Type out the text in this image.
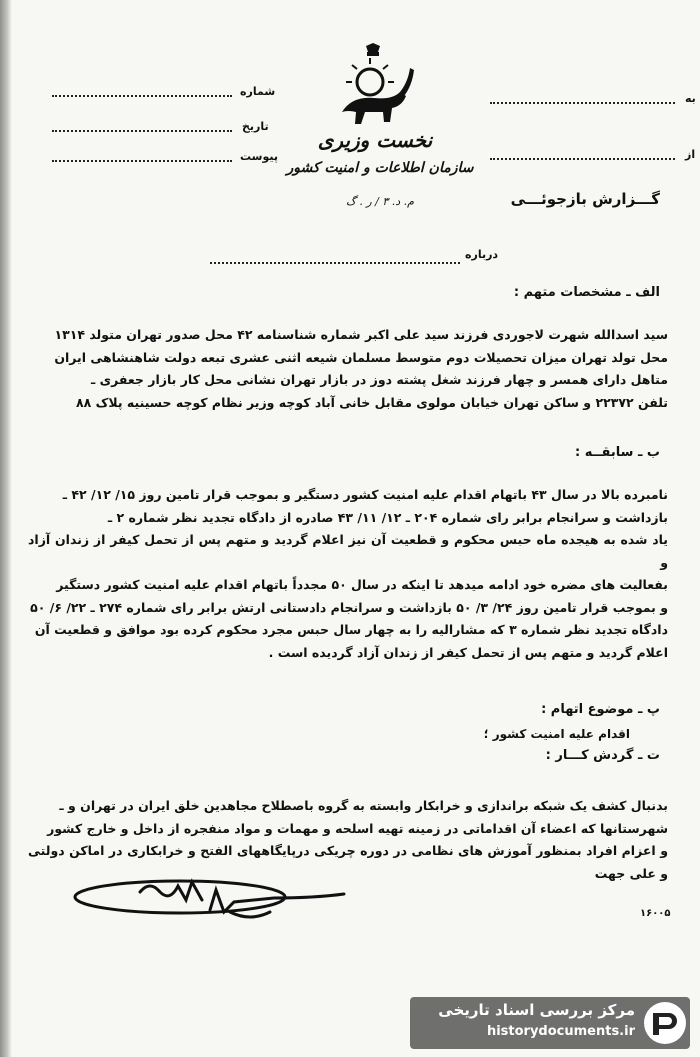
شماره
تاریخ
پیوست
به
از
درباره
نخست وزیری
سازمان اطلاعات و امنیت کشور
م. د. ۳ / ر . گ	گـــزارش بازجوئـــی
الف ـ مشخصات متهم :
سید اسدالله شهرت لاجوردی فرزند سید علی اکبر شماره شناسنامه ۴۲ محل صدور تهران متولد ۱۳۱۴
محل تولد تهران میزان تحصیلات دوم متوسط مسلمان شیعه اثنی عشری تبعه دولت شاهنشاهی ایران
متاهل دارای همسر و چهار فرزند شغل پشته دوز در بازار تهران نشانی محل کار بازار جعفری ـ
تلفن ۲۲۳۷۲ و ساکن تهران خیابان مولوی مقابل خانی آباد کوچه وزیر نظام کوچه حسینیه پلاک ۸۸
ب ـ سابقــه :
نامبرده بالا در سال ۴۳ باتهام اقدام علیه امنیت کشور دستگیر و بموجب قرار تامین روز ۱۵/ ۱۲/ ۴۲ ـ
بازداشت و سرانجام برابر رای شماره ۲۰۴ ـ ۱۲/ ۱۱/ ۴۳ صادره از دادگاه تجدید نظر شماره ۲ ـ
یاد شده به هیجده ماه حبس محکوم و قطعیت آن نیز اعلام گردید و متهم پس از تحمل کیفر از زندان آزاد و
بفعالیت های مضره خود ادامه میدهد تا اینکه در سال ۵۰ مجدداً باتهام اقدام علیه امنیت کشور دستگیر
و بموجب قرار تامین روز ۲۴/ ۳/ ۵۰ بازداشت و سرانجام دادستانی ارتش برابر رای شماره ۲۷۴ ـ ۲۲/ ۶/ ۵۰
دادگاه تجدید نظر شماره ۳ که مشارالیه را به چهار سال حبس مجرد محکوم کرده بود موافق و قطعیت آن
اعلام گردید و متهم پس از تحمل کیفر از زندان آزاد گردیده است .
پ ـ موضوع اتهام :
اقدام علیه امنیت کشور ؛
ت ـ گردش کـــار :
بدنبال کشف یک شبکه براندازی و خرابکار وابسته به گروه باصطلاح مجاهدین خلق ایران در تهران و ـ
شهرستانها که اعضاء آن اقداماتی در زمینه تهیه اسلحه و مهمات و مواد منفجره از داخل و خارج کشور
و اعزام افراد بمنظور آموزش های نظامی در دوره چریکی درپایگاههای الفتح و خرابکاری در اماکن دولتی و علی جهت
۱۶۰۰۵
مرکز بررسی اسناد تاریخی
historydocuments.ir
